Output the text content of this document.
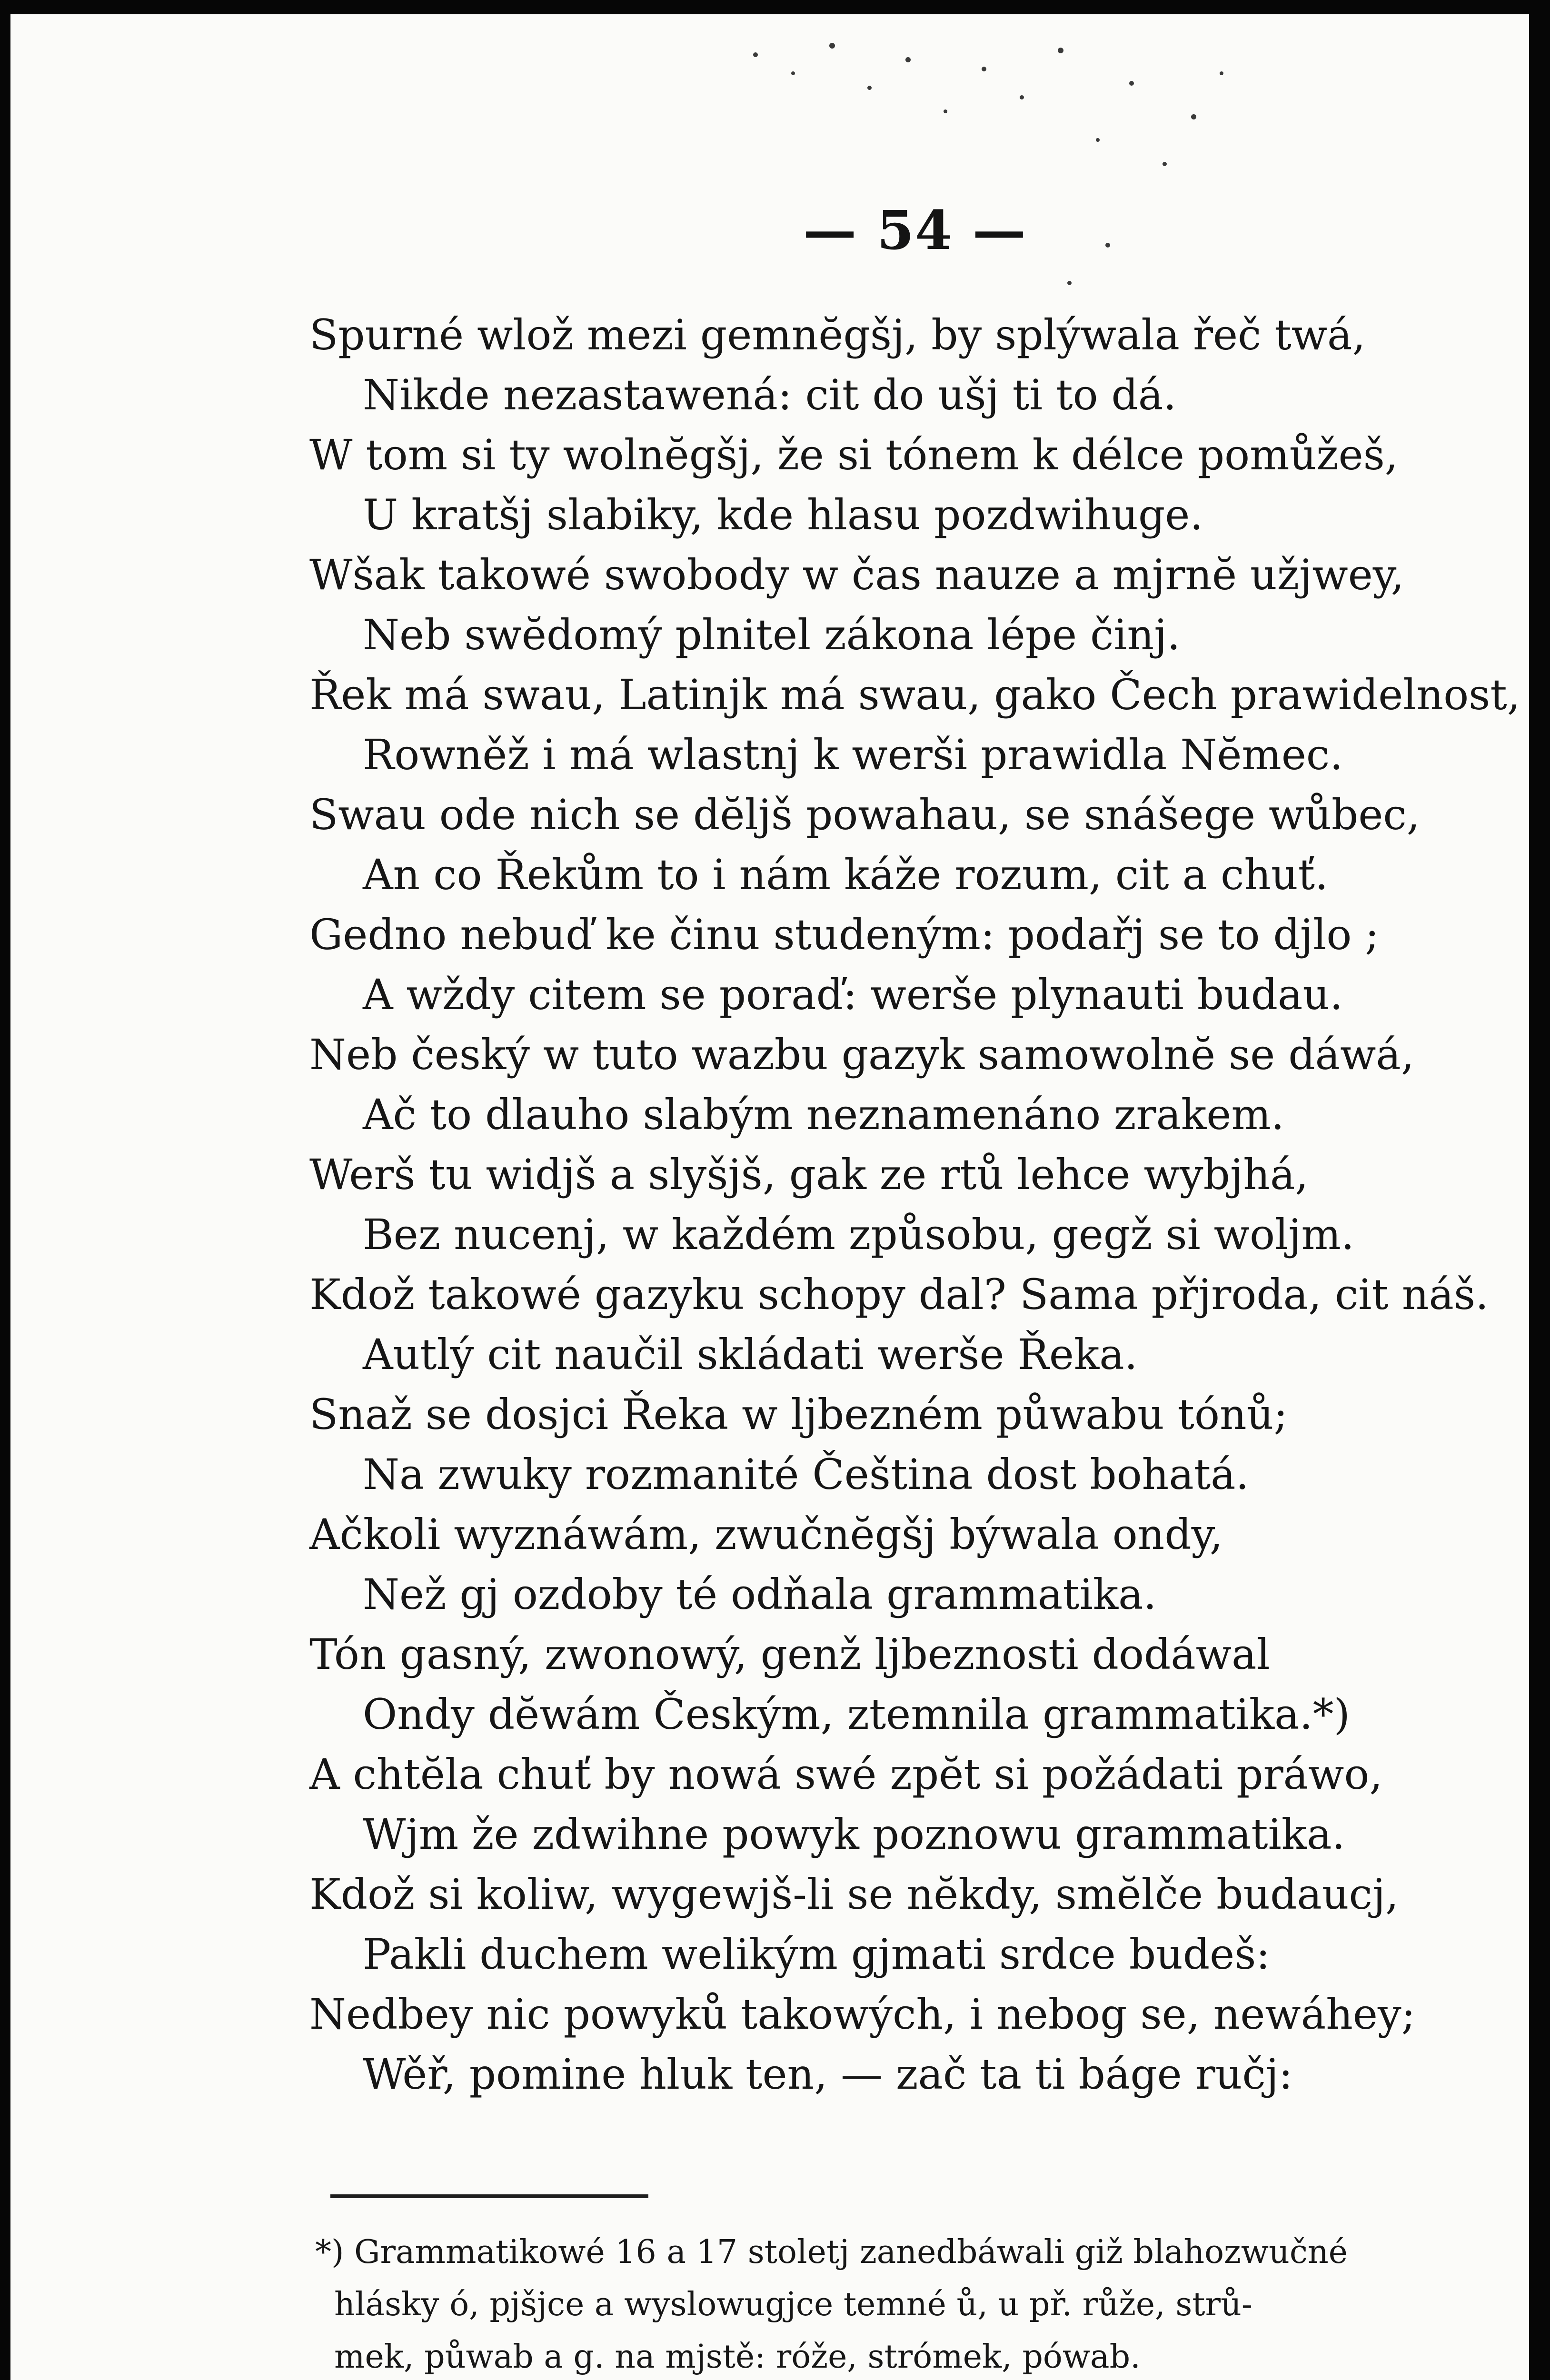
— 54 —
Spurné wlož mezi gemnĕgšj, by splýwala řeč twá,
Nikde nezastawená: cit do ušj ti to dá.
W tom si ty wolnĕgšj, že si tónem k délce pomůžeš,
U kratšj slabiky, kde hlasu pozdwihuge.
Wšak takowé swobody w čas nauze a mjrnĕ užjwey,
Neb swĕdomý plnitel zákona lépe činj.
Řek má swau, Latinjk má swau, gako Čech prawidelnost,
Rowněž i má wlastnj k werši prawidla Nĕmec.
Swau ode nich se dĕljš powahau, se snášege wůbec,
An co Řekům to i nám káže rozum, cit a chuť.
Gedno nebuď ke činu studeným: podařj se to djlo ;
A wždy citem se poraď: werše plynauti budau.
Neb český w tuto wazbu gazyk samowolnĕ se dáwá,
Ač to dlauho slabým neznamenáno zrakem.
Werš tu widjš a slyšjš, gak ze rtů lehce wybjhá,
Bez nucenj, w každém způsobu, gegž si woljm.
Kdož takowé gazyku schopy dal? Sama přjroda, cit náš.
Autlý cit naučil skládati werše Řeka.
Snaž se dosjci Řeka w ljbezném půwabu tónů;
Na zwuky rozmanité Čeština dost bohatá.
Ačkoli wyznáwám, zwučnĕgšj býwala ondy,
Než gj ozdoby té odňala grammatika.
Tón gasný, zwonowý, genž ljbeznosti dodáwal
Ondy dĕwám Českým, ztemnila grammatika.*)
A chtĕla chuť by nowá swé zpĕt si požádati práwo,
Wjm že zdwihne powyk poznowu grammatika.
Kdož si koliw, wygewjš-li se nĕkdy, smĕlče budaucj,
Pakli duchem welikým gjmati srdce budeš:
Nedbey nic powyků takowých, i nebog se, newáhey;
Wěř, pomine hluk ten, — zač ta ti báge ručj:
*) Grammatikowé 16 a 17 stoletj zanedbáwali giž blahozwučné
hlásky ó, pjšjce a wyslowugjce temné ů, u př. růže, strů-
mek, půwab a g. na mjstě: róže, strómek, pówab.
